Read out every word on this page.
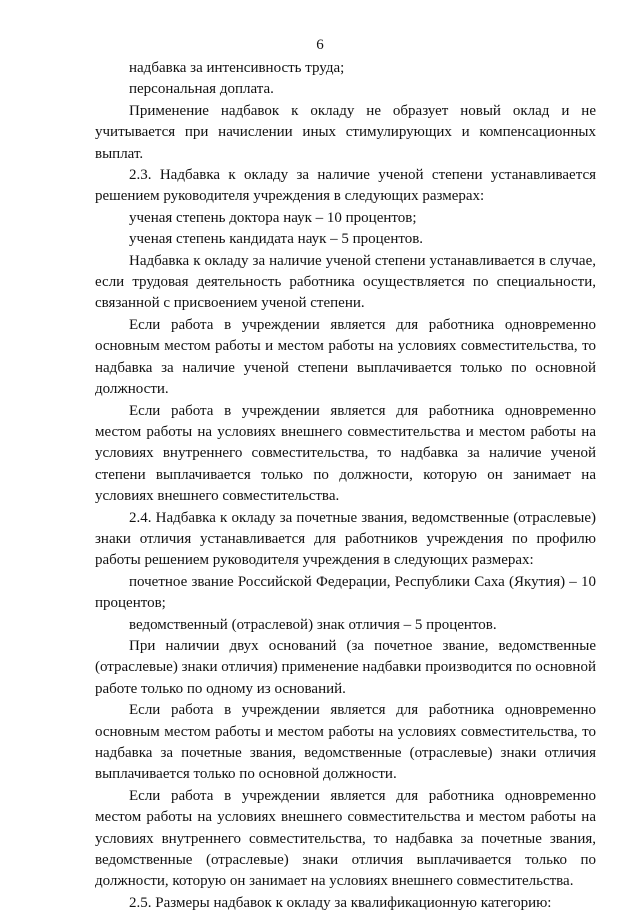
6

надбавка за интенсивность труда;

персональная доплата.

Применение надбавок к окладу не образует новый оклад и не учитывается при начислении иных стимулирующих и компенсационных выплат.

2.3. Надбавка к окладу за наличие ученой степени устанавливается решением руководителя учреждения в следующих размерах:

ученая степень доктора наук – 10 процентов;

ученая степень кандидата наук – 5 процентов.

Надбавка к окладу за наличие ученой степени устанавливается в случае, если трудовая деятельность работника осуществляется по специальности, связанной с присвоением ученой степени.

Если работа в учреждении является для работника одновременно основным местом работы и местом работы на условиях совместительства, то надбавка за наличие ученой степени выплачивается только по основной должности.

Если работа в учреждении является для работника одновременно местом работы на условиях внешнего совместительства и местом работы на условиях внутреннего совместительства, то надбавка за наличие ученой степени выплачивается только по должности, которую он занимает на условиях внешнего совместительства.

2.4. Надбавка к окладу за почетные звания, ведомственные (отраслевые) знаки отличия устанавливается для работников учреждения по профилю работы решением руководителя учреждения в следующих размерах:

почетное звание Российской Федерации, Республики Саха (Якутия) – 10 процентов;

ведомственный (отраслевой) знак отличия – 5 процентов.

При наличии двух оснований (за почетное звание, ведомственные (отраслевые) знаки отличия) применение надбавки производится по основной работе только по одному из оснований.

Если работа в учреждении является для работника одновременно основным местом работы и местом работы на условиях совместительства, то надбавка за почетные звания, ведомственные (отраслевые) знаки отличия выплачивается только по основной должности.

Если работа в учреждении является для работника одновременно местом работы на условиях внешнего совместительства и местом работы на условиях внутреннего совместительства, то надбавка за почетные звания, ведомственные (отраслевые) знаки отличия выплачивается только по должности, которую он занимает на условиях внешнего совместительства.

2.5. Размеры надбавок к окладу за квалификационную категорию:
